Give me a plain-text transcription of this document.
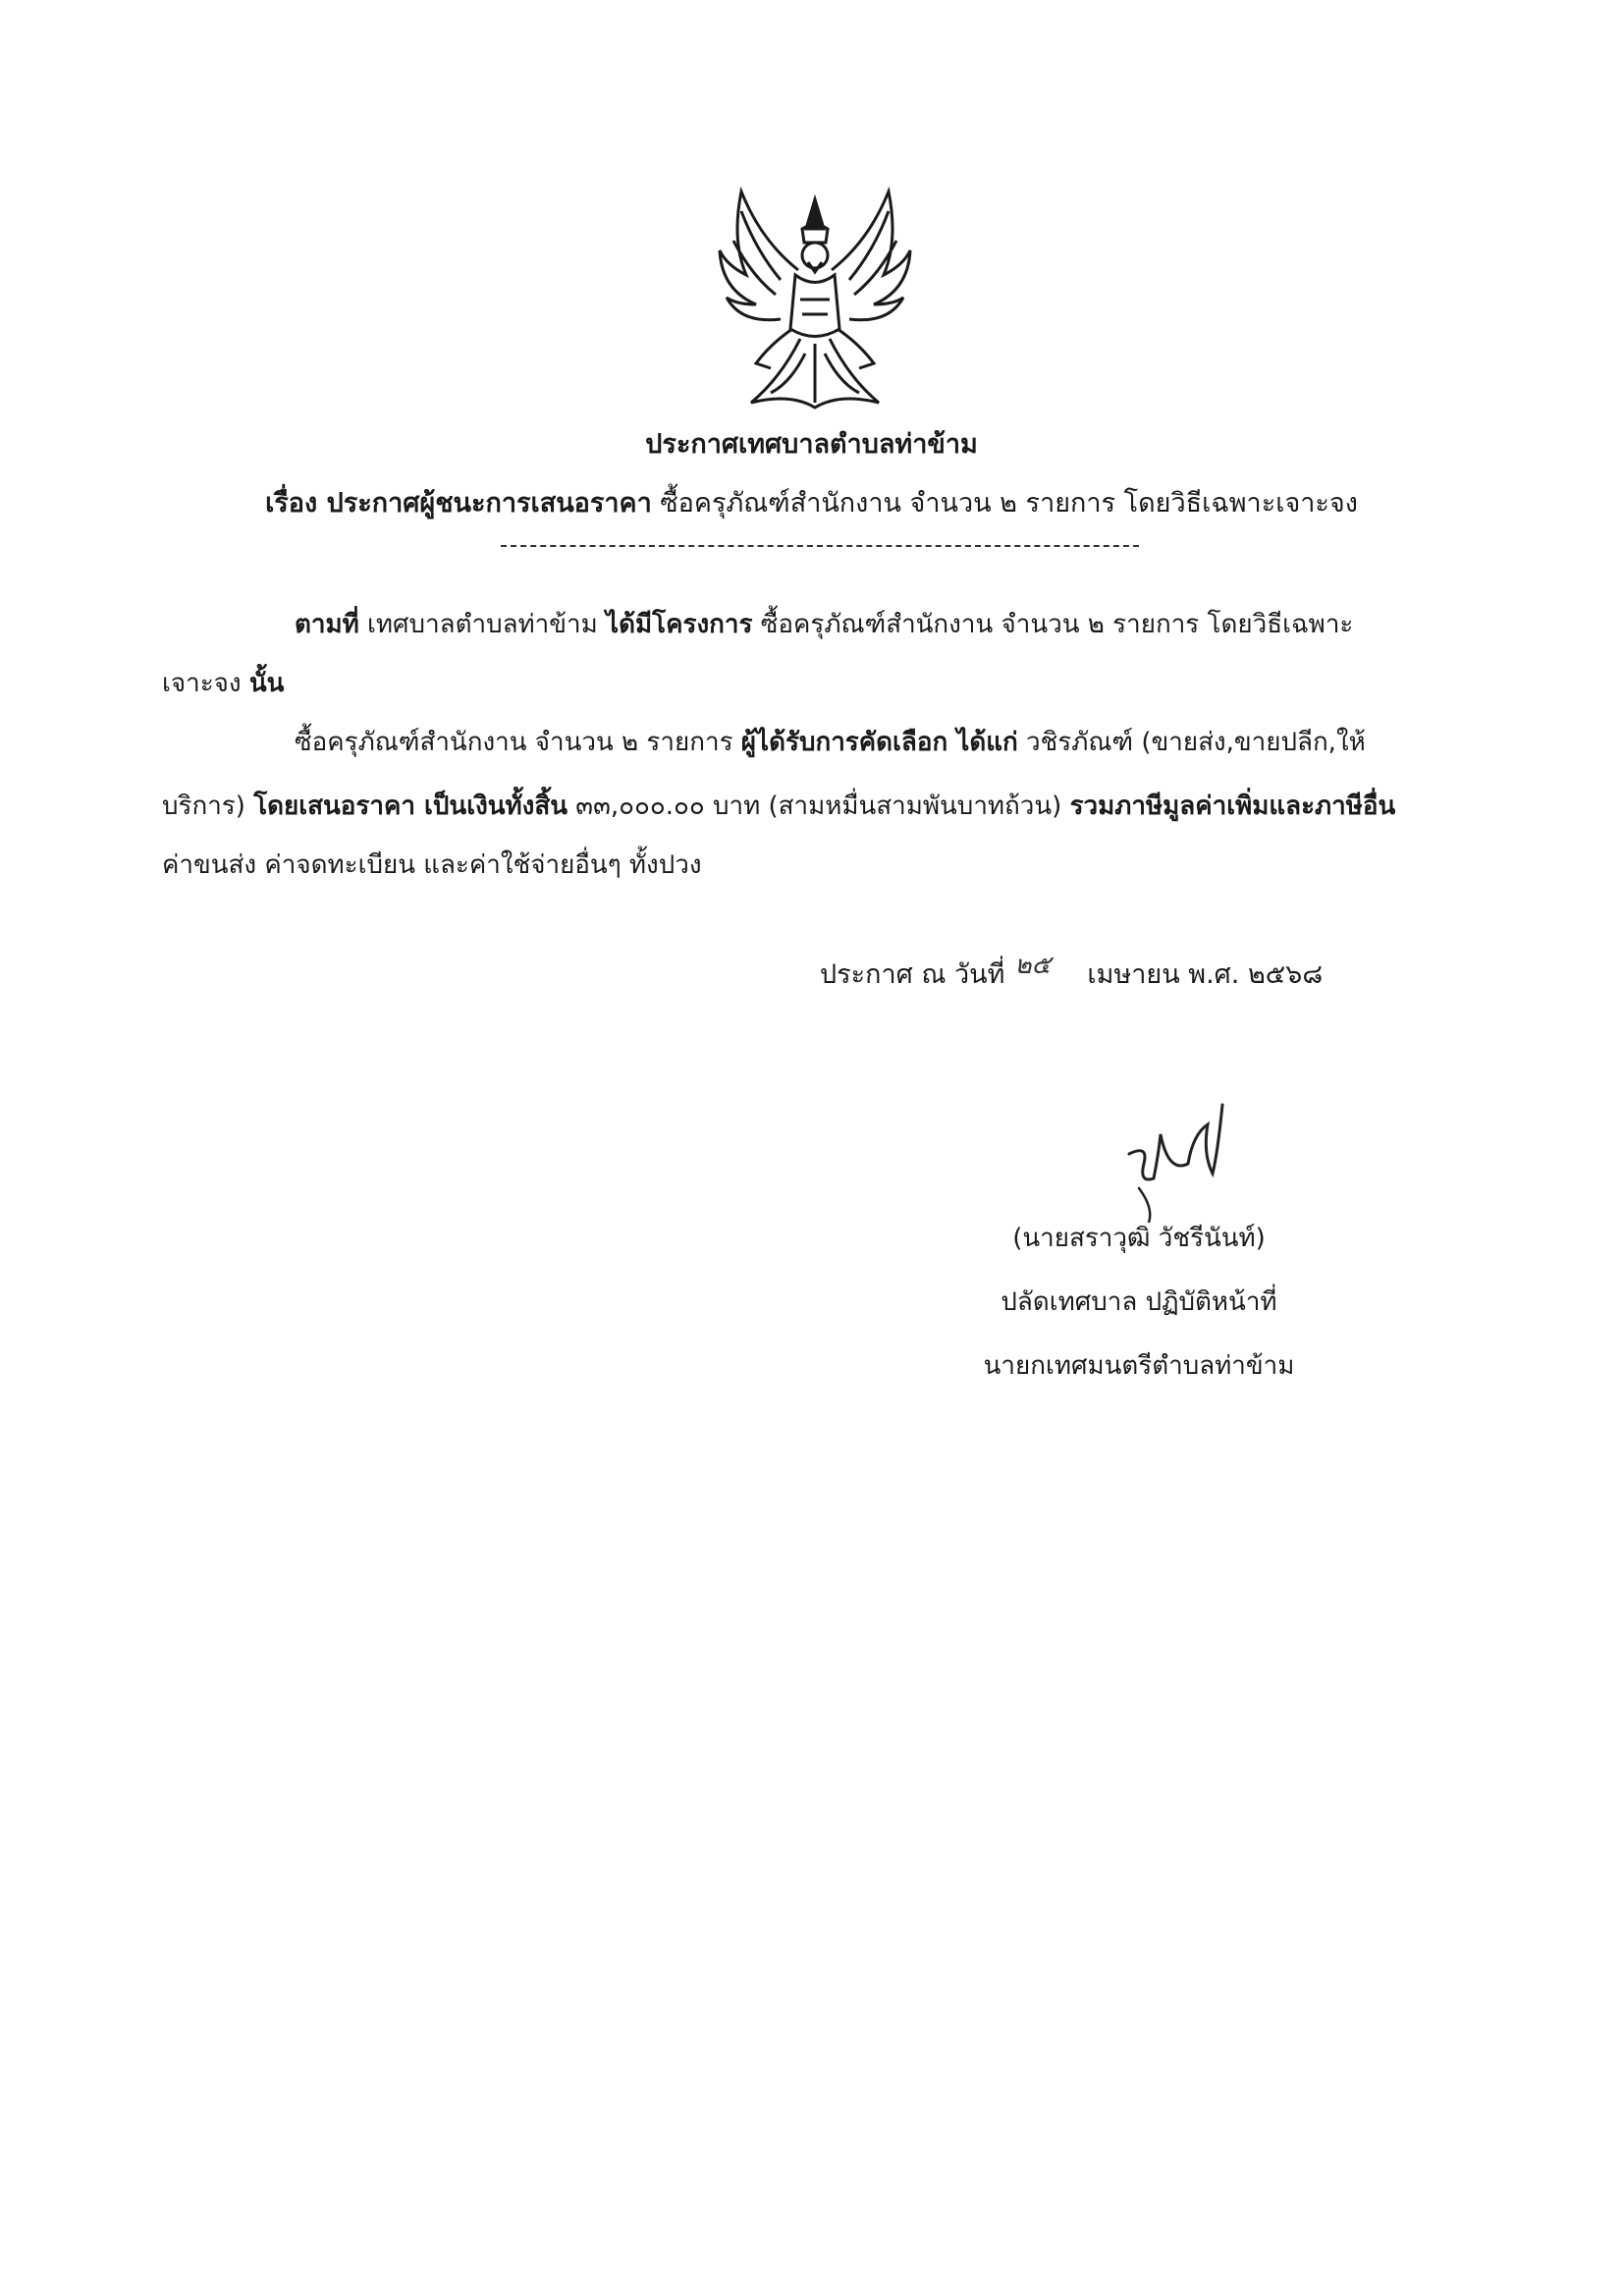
ประกาศเทศบาลตำบลท่าข้าม
เรื่อง ประกาศผู้ชนะการเสนอราคา ซื้อครุภัณฑ์สำนักงาน จำนวน ๒ รายการ โดยวิธีเฉพาะเจาะจง
ตามที่ เทศบาลตำบลท่าข้าม ได้มีโครงการ ซื้อครุภัณฑ์สำนักงาน จำนวน ๒ รายการ โดยวิธีเฉพาะ
เจาะจง นั้น
ซื้อครุภัณฑ์สำนักงาน จำนวน ๒ รายการ ผู้ได้รับการคัดเลือก ได้แก่ วชิรภัณฑ์ (ขายส่ง,ขายปลีก,ให้
บริการ) โดยเสนอราคา เป็นเงินทั้งสิ้น ๓๓,๐๐๐.๐๐ บาท (สามหมื่นสามพันบาทถ้วน) รวมภาษีมูลค่าเพิ่มและภาษีอื่น
ค่าขนส่ง ค่าจดทะเบียน และค่าใช้จ่ายอื่นๆ ทั้งปวง
ประกาศ ณ วันที่ ๒๕ เมษายน พ.ศ. ๒๕๖๘
(นายสราวุฒิ วัชรีนันท์)
ปลัดเทศบาล ปฏิบัติหน้าที่
นายกเทศมนตรีตำบลท่าข้าม
